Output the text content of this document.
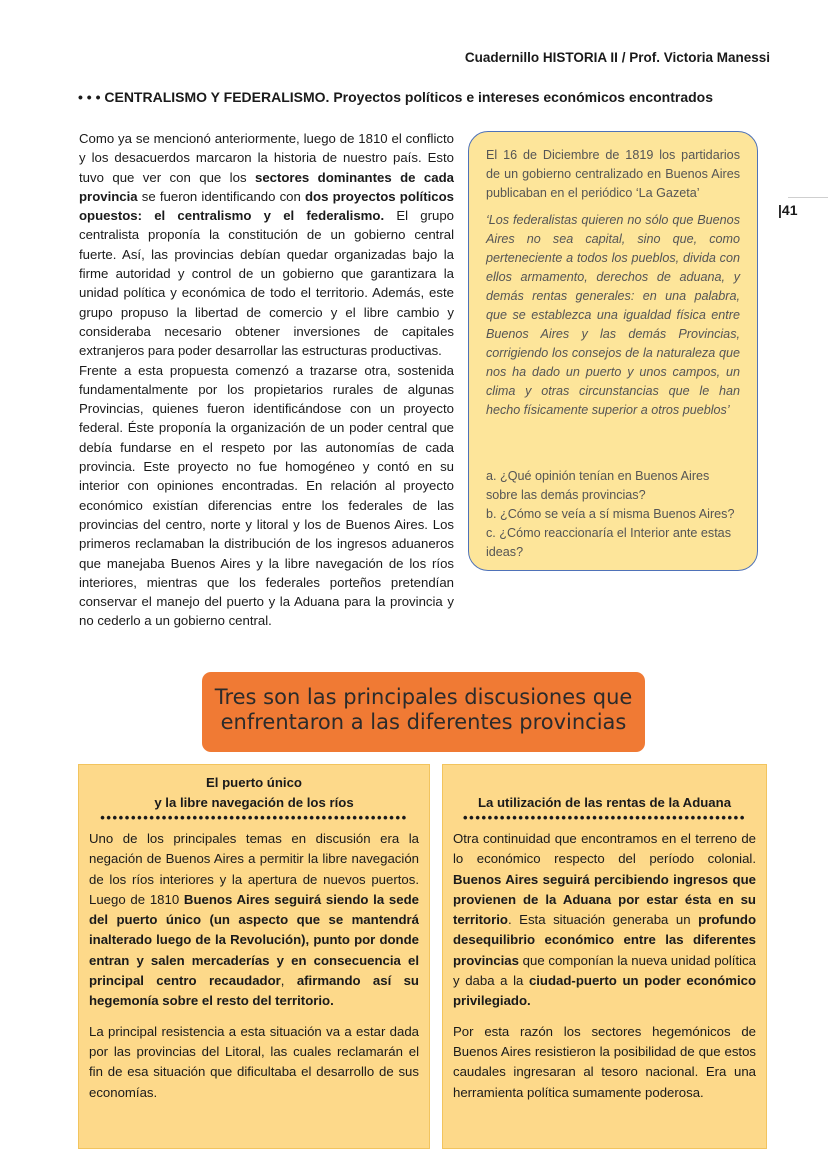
Cuadernillo HISTORIA II / Prof. Victoria Manessi
|41
• • • CENTRALISMO Y FEDERALISMO. Proyectos políticos e intereses económicos encontrados

Como ya se mencionó anteriormente, luego de 1810 el conflicto y los desacuerdos marcaron la historia de nuestro país. Esto tuvo que ver con que los sectores dominantes de cada provincia se fueron identificando con dos proyectos políticos opuestos: el centralismo y el federalismo. El grupo centralista proponía la constitución de un gobierno central fuerte. Así, las provincias debían quedar organizadas bajo la firme autoridad y control de un gobierno que garantizara la unidad política y económica de todo el territorio. Además, este grupo propuso la libertad de comercio y el libre cambio y consideraba necesario obtener inversiones de capitales extranjeros para poder desarrollar las estructuras productivas.

Frente a esta propuesta comenzó a trazarse otra, sostenida fundamentalmente por los propietarios rurales de algunas Provincias, quienes fueron identificándose con un proyecto federal. Éste proponía la organización de un poder central que debía fundarse en el respeto por las autonomías de cada provincia. Este proyecto no fue homogéneo y contó en su interior con opiniones encontradas. En relación al proyecto económico existían diferencias entre los federales de las provincias del centro, norte y litoral y los de Buenos Aires. Los primeros reclamaban la distribución de los ingresos aduaneros que manejaba Buenos Aires y la libre navegación de los ríos interiores, mientras que los federales porteños pretendían conservar el manejo del puerto y la Aduana para la provincia y no cederlo a un gobierno central.

El 16 de Diciembre de 1819 los partidarios de un gobierno centralizado en Buenos Aires publicaban en el periódico ‘La Gazeta’

‘Los federalistas quieren no sólo que Buenos Aires no sea capital, sino que, como perteneciente a todos los pueblos, divida con ellos armamento, derechos de aduana, y demás rentas generales: en una palabra, que se establezca una igualdad física entre Buenos Aires y las demás Provincias, corrigiendo los consejos de la naturaleza que nos ha dado un puerto y unos campos, un clima y otras circunstancias que le han hecho físicamente superior a otros pueblos’

a. ¿Qué opinión tenían en Buenos Aires sobre las demás provincias?
b. ¿Cómo se veía a sí misma Buenos Aires?
c. ¿Cómo reaccionaría el Interior ante estas ideas?

Tres son las principales discusiones que
enfrentaron a las diferentes provincias
El puerto único
y la libre navegación de los ríos
••••••••••••••••••••••••••••••••••••••••••••••••••

Uno de los principales temas en discusión era la negación de Buenos Aires a permitir la libre navegación de los ríos interiores y la apertura de nuevos puertos. Luego de 1810 Buenos Aires seguirá siendo la sede del puerto único (un aspecto que se mantendrá inalterado luego de la Revolución), punto por donde entran y salen mercaderías y en consecuencia el principal centro recaudador, afirmando así su hegemonía sobre el resto del territorio.

La principal resistencia a esta situación va a estar dada por las provincias del Litoral, las cuales reclamarán el fin de esa situación que dificultaba el desarrollo de sus economías.

La utilización de las rentas de la Aduana
••••••••••••••••••••••••••••••••••••••••••••••

Otra continuidad que encontramos en el terreno de lo económico respecto del período colonial. Buenos Aires seguirá percibiendo ingresos que provienen de la Aduana por estar ésta en su territorio. Esta situación generaba un profundo desequilibrio económico entre las diferentes provincias que componían la nueva unidad política y daba a la ciudad-puerto un poder económico privilegiado.

Por esta razón los sectores hegemónicos de Buenos Aires resistieron la posibilidad de que estos caudales ingresaran al tesoro nacional. Era una herramienta política sumamente poderosa.
